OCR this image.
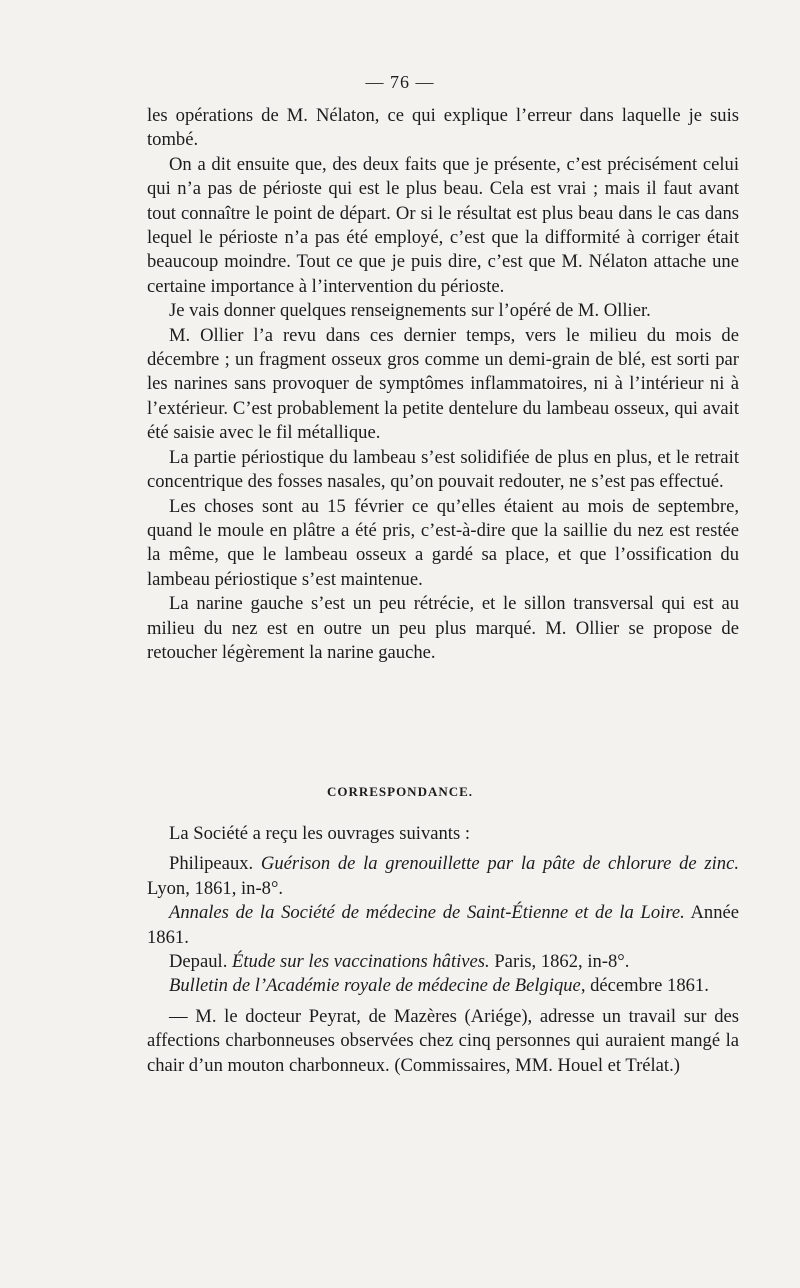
— 76 —

les opérations de M. Nélaton, ce qui explique l’erreur dans laquelle je suis tombé.

On a dit ensuite que, des deux faits que je présente, c’est précisément celui qui n’a pas de périoste qui est le plus beau. Cela est vrai ; mais il faut avant tout connaître le point de départ. Or si le résultat est plus beau dans le cas dans lequel le périoste n’a pas été employé, c’est que la difformité à corriger était beaucoup moindre. Tout ce que je puis dire, c’est que M. Nélaton attache une certaine importance à l’intervention du périoste.

Je vais donner quelques renseignements sur l’opéré de M. Ollier.

M. Ollier l’a revu dans ces dernier temps, vers le milieu du mois de décembre ; un fragment osseux gros comme un demi-grain de blé, est sorti par les narines sans provoquer de symptômes inflammatoires, ni à l’intérieur ni à l’extérieur. C’est probablement la petite dentelure du lambeau osseux, qui avait été saisie avec le fil métallique.

La partie périostique du lambeau s’est solidifiée de plus en plus, et le retrait concentrique des fosses nasales, qu’on pouvait redouter, ne s’est pas effectué.

Les choses sont au 15 février ce qu’elles étaient au mois de septembre, quand le moule en plâtre a été pris, c’est-à-dire que la saillie du nez est restée la même, que le lambeau osseux a gardé sa place, et que l’ossification du lambeau périostique s’est maintenue.

La narine gauche s’est un peu rétrécie, et le sillon transversal qui est au milieu du nez est en outre un peu plus marqué. M. Ollier se propose de retoucher légèrement la narine gauche.

CORRESPONDANCE.

La Société a reçu les ouvrages suivants :

Philipeaux. Guérison de la grenouillette par la pâte de chlorure de zinc. Lyon, 1861, in-8°.

Annales de la Société de médecine de Saint-Étienne et de la Loire. Année 1861.

Depaul. Étude sur les vaccinations hâtives. Paris, 1862, in-8°.

Bulletin de l’Académie royale de médecine de Belgique, décembre 1861.

— M. le docteur Peyrat, de Mazères (Ariége), adresse un travail sur des affections charbonneuses observées chez cinq personnes qui auraient mangé la chair d’un mouton charbonneux. (Commissaires, MM. Houel et Trélat.)
